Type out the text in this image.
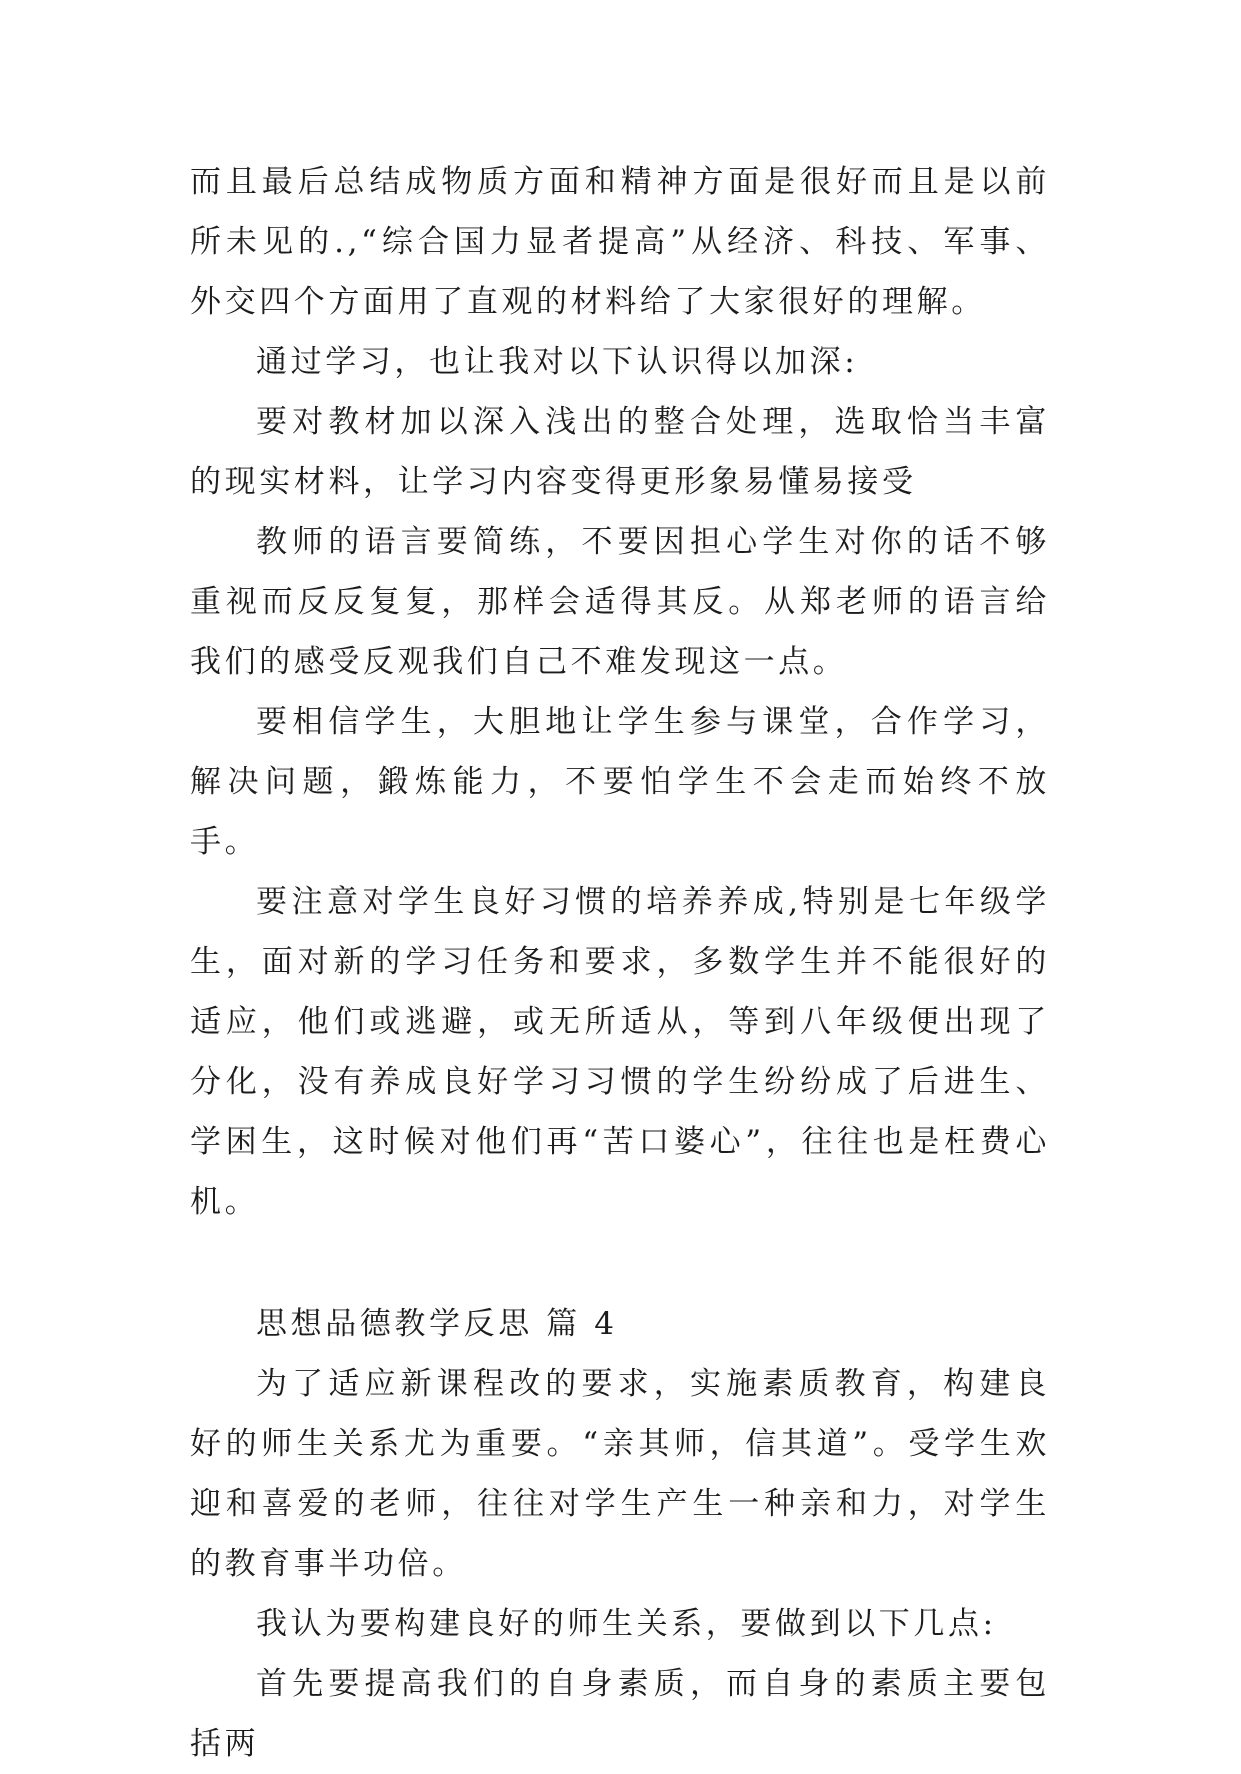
而且最后总结成物质方面和精神方面是很好而且是以前所未见的.,“综合国力显者提高”从经济、科技、军事、外交四个方面用了直观的材料给了大家很好的理解。

通过学习，也让我对以下认识得以加深:

要对教材加以深入浅出的整合处理，选取恰当丰富的现实材料，让学习内容变得更形象易懂易接受

教师的语言要简练，不要因担心学生对你的话不够重视而反反复复，那样会适得其反。从郑老师的语言给我们的感受反观我们自己不难发现这一点。

要相信学生，大胆地让学生参与课堂，合作学习，解决问题，鍛炼能力，不要怕学生不会走而始终不放手。

要注意对学生良好习惯的培养养成,特别是七年级学生，面对新的学习任务和要求，多数学生并不能很好的适应，他们或逃避，或无所适从，等到八年级便出现了分化，没有养成良好学习习惯的学生纷纷成了后进生、学困生，这时候对他们再“苦口婆心”，往往也是枉费心机。

思想品德教学反思 篇 4

为了适应新课程改的要求，实施素质教育，构建良好的师生关系尤为重要。“亲其师，信其道”。受学生欢迎和喜爱的老师，往往对学生产生一种亲和力，对学生的教育事半功倍。

我认为要构建良好的师生关系，要做到以下几点:

首先要提高我们的自身素质，而自身的素质主要包括两
